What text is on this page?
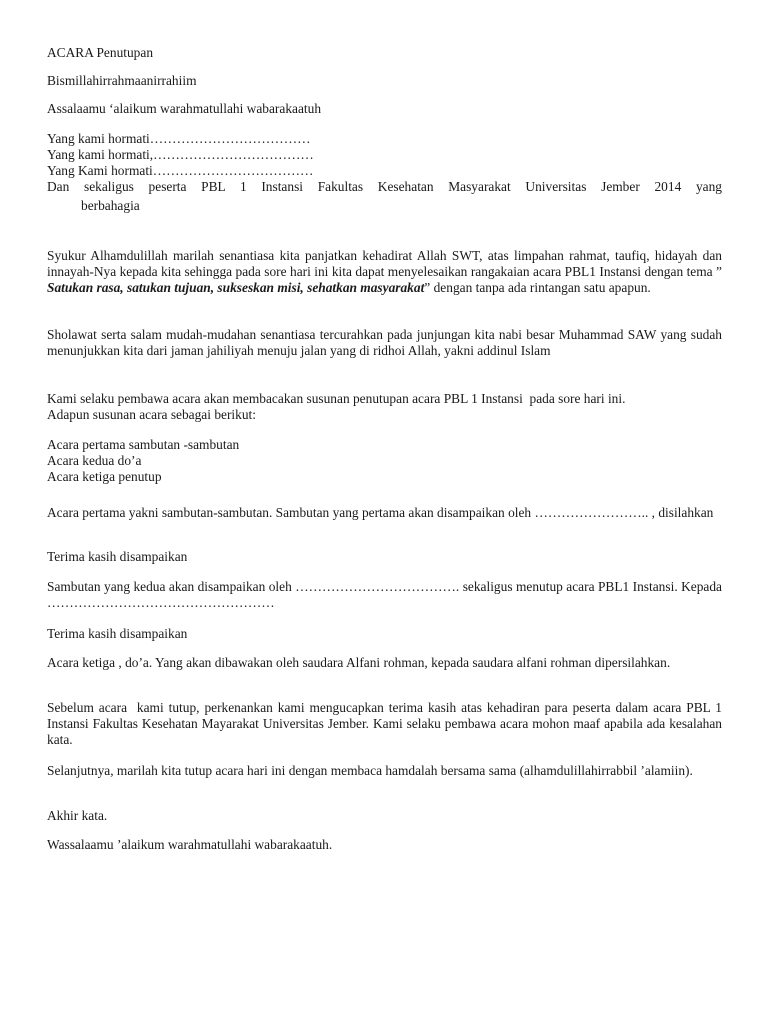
ACARA Penutupan

Bismillahirrahmaanirrahiim

Assalaamu ‘alaikum warahmatullahi wabarakaatuh

Yang kami hormati………………………………
Yang kami hormati,………………………………
Yang Kami hormati………………………………
Dan sekaligus peserta PBL 1 Instansi Fakultas Kesehatan Masyarakat Universitas Jember 2014 yang
berbahagia

Syukur Alhamdulillah marilah senantiasa kita panjatkan kehadirat Allah SWT, atas limpahan rahmat, taufiq, hidayah dan innayah-Nya kepada kita sehingga pada sore hari ini kita dapat menyelesaikan rangakaian acara PBL1 Instansi dengan tema ” Satukan rasa, satukan tujuan, sukseskan misi, sehatkan masyarakat” dengan tanpa ada rintangan satu apapun.

Sholawat serta salam mudah-mudahan senantiasa tercurahkan pada junjungan kita nabi besar Muhammad SAW yang sudah menunjukkan kita dari jaman jahiliyah menuju jalan yang di ridhoi Allah, yakni addinul Islam

Kami selaku pembawa acara akan membacakan susunan penutupan acara PBL 1 Instansi  pada sore hari ini.
Adapun susunan acara sebagai berikut:
Acara pertama sambutan -sambutan
Acara kedua do’a
Acara ketiga penutup

Acara pertama yakni sambutan-sambutan. Sambutan yang pertama akan disampaikan oleh …………………….. , disilahkan

Terima kasih disampaikan

Sambutan yang kedua akan disampaikan oleh ………………………………. sekaligus menutup acara PBL1 Instansi. Kepada ……………………………………………

Terima kasih disampaikan

Acara ketiga , do’a. Yang akan dibawakan oleh saudara Alfani rohman, kepada saudara alfani rohman dipersilahkan.

Sebelum acara  kami tutup, perkenankan kami mengucapkan terima kasih atas kehadiran para peserta dalam acara PBL 1 Instansi Fakultas Kesehatan Mayarakat Universitas Jember. Kami selaku pembawa acara mohon maaf apabila ada kesalahan kata.

Selanjutnya, marilah kita tutup acara hari ini dengan membaca hamdalah bersama sama (alhamdulillahirrabbil ’alamiin).

Akhir kata.

Wassalaamu ’alaikum warahmatullahi wabarakaatuh.
